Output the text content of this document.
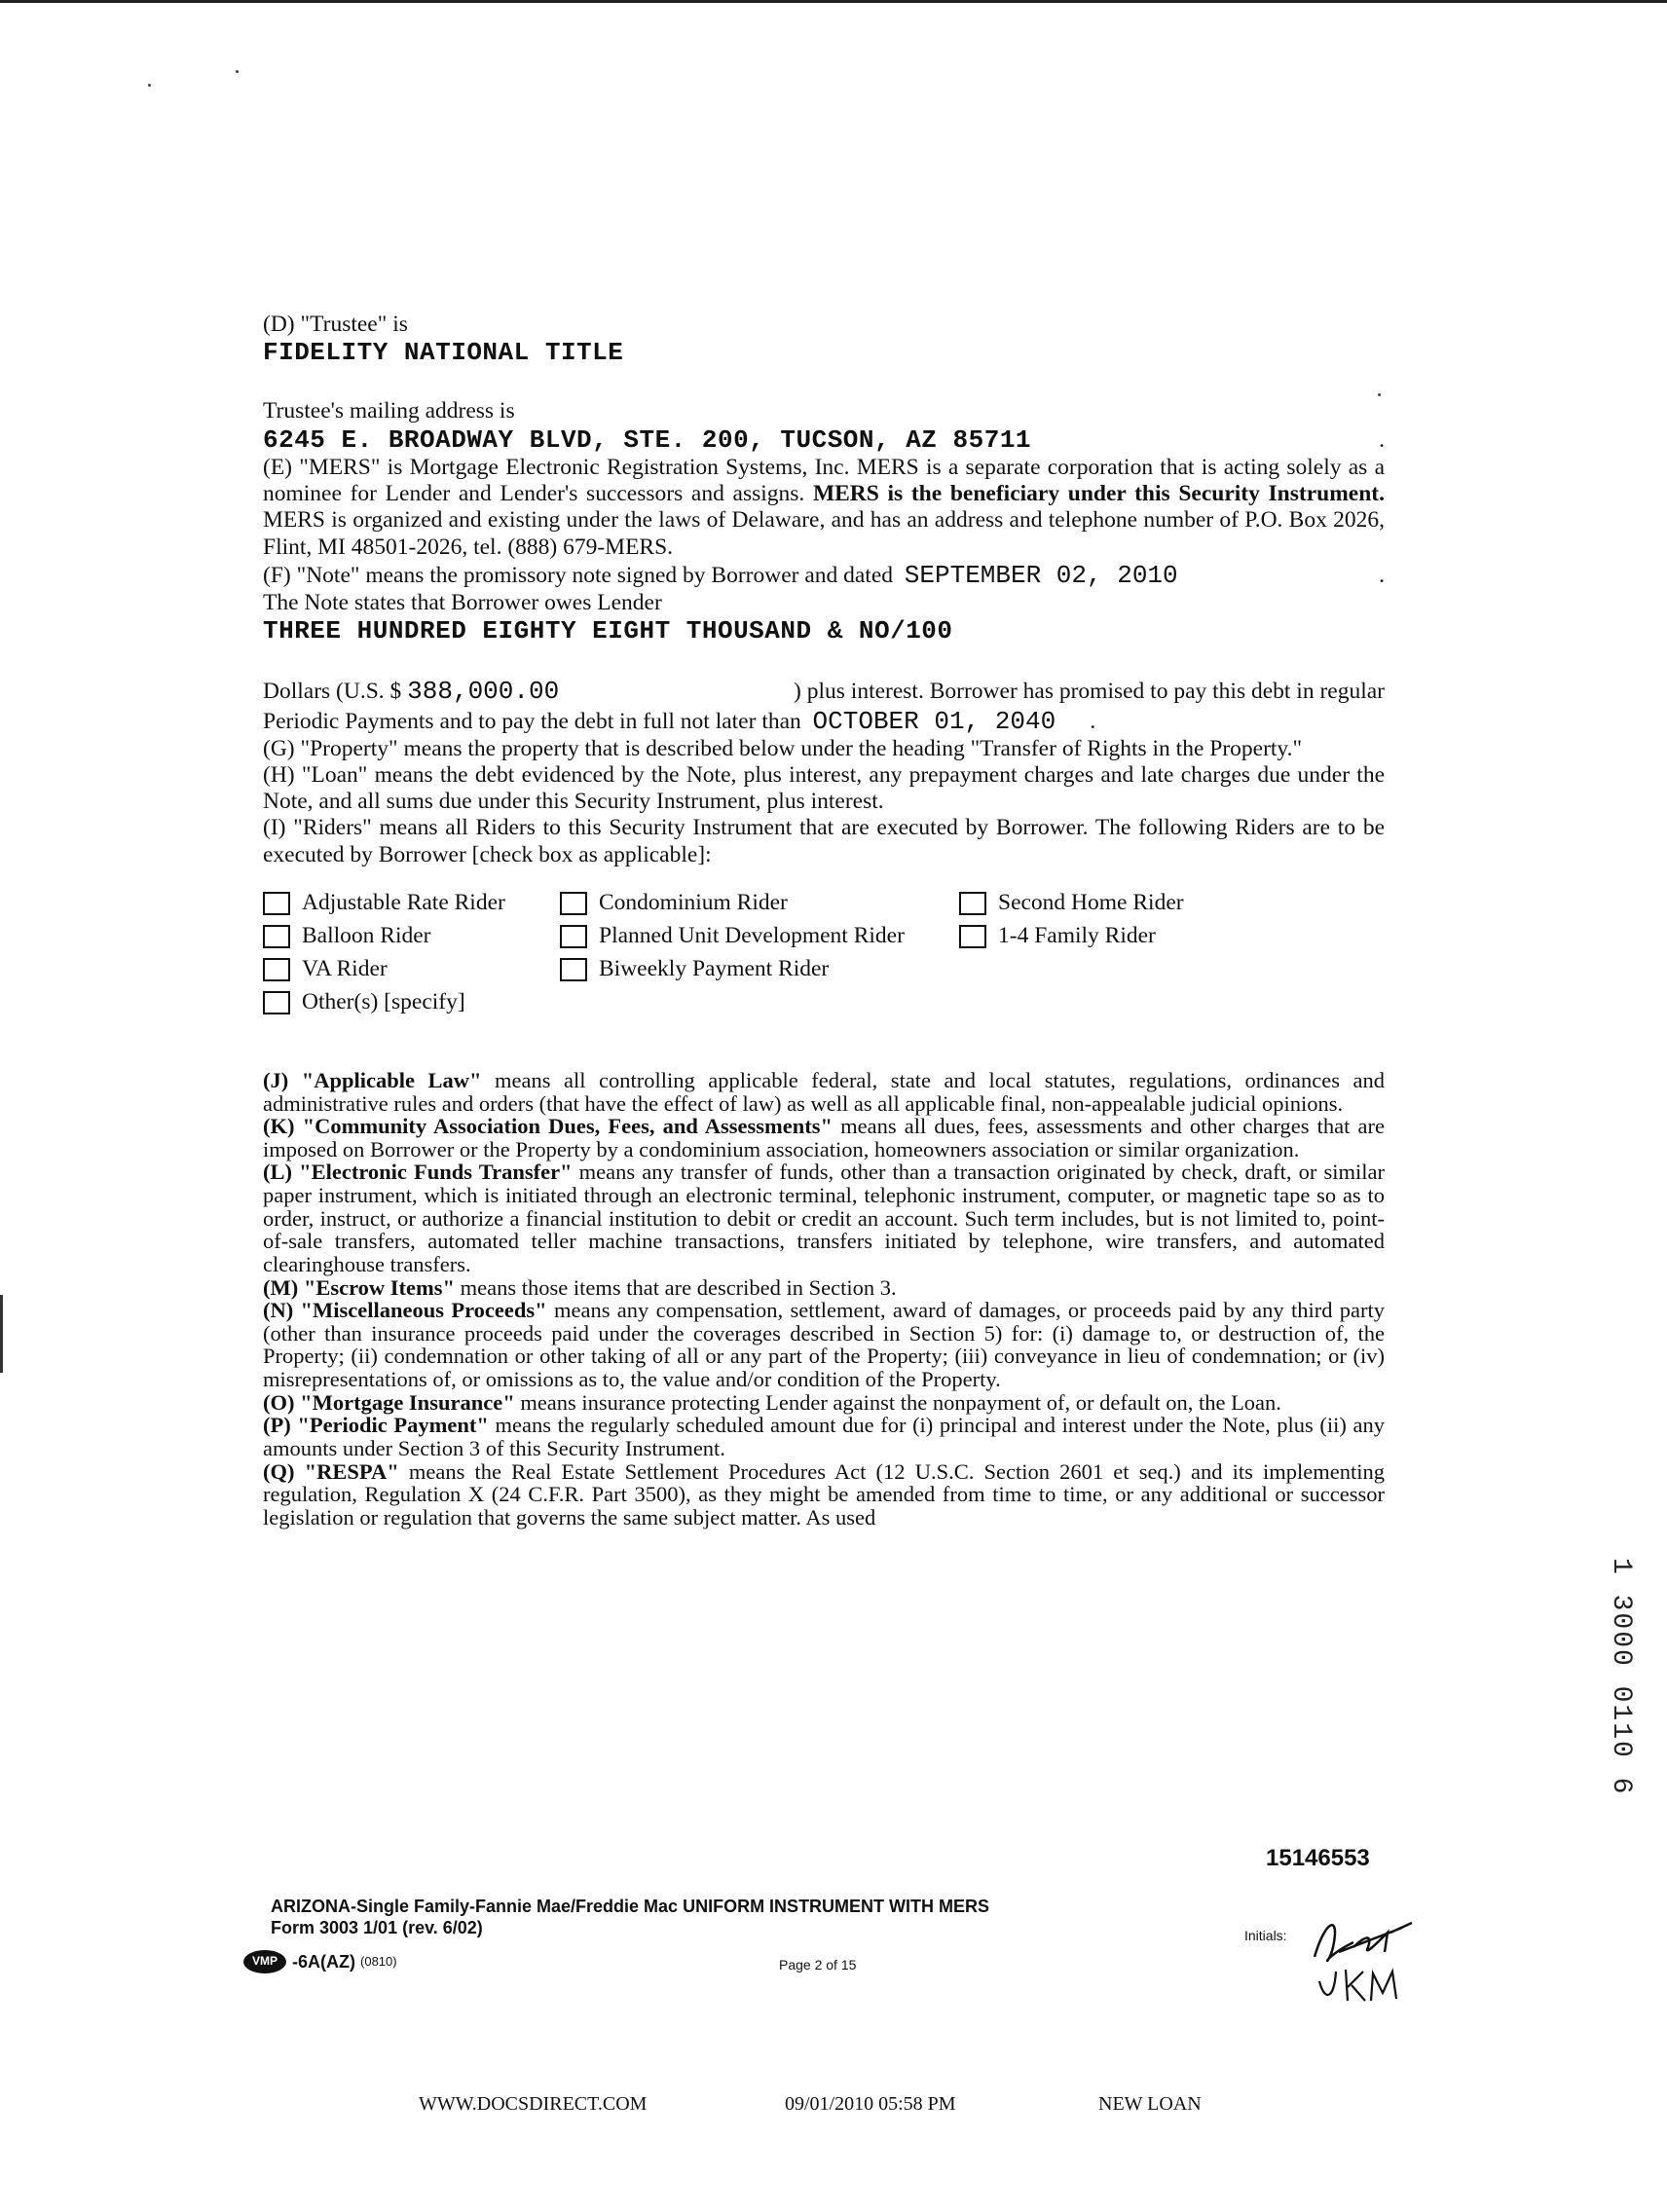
(D) "Trustee" is

FIDELITY NATIONAL TITLE

Trustee's mailing address is

6245 E. BROADWAY BLVD, STE. 200, TUCSON, AZ 85711	.

(E) "MERS" is Mortgage Electronic Registration Systems, Inc. MERS is a separate corporation that is acting solely as a nominee for Lender and Lender's successors and assigns. MERS is the beneficiary under this Security Instrument. MERS is organized and existing under the laws of Delaware, and has an address and telephone number of P.O. Box 2026, Flint, MI 48501-2026, tel. (888) 679-MERS.

(F) "Note" means the promissory note signed by Borrower and dated SEPTEMBER 02, 2010	.

The Note states that Borrower owes Lender

THREE HUNDRED EIGHTY EIGHT THOUSAND & NO/100
Dollars (U.S. $ 388,000.00	) plus interest. Borrower has promised to pay this debt in regular
Periodic Payments and to pay the debt in full not later than OCTOBER 01, 2040 .

(G) "Property" means the property that is described below under the heading "Transfer of Rights in the Property."

(H) "Loan" means the debt evidenced by the Note, plus interest, any prepayment charges and late charges due under the Note, and all sums due under this Security Instrument, plus interest.

(I) "Riders" means all Riders to this Security Instrument that are executed by Borrower. The following Riders are to be executed by Borrower [check box as applicable]:

Adjustable Rate Rider	Condominium Rider	Second Home Rider
Balloon Rider	Planned Unit Development Rider	1-4 Family Rider
VA Rider	Biweekly Payment Rider
Other(s) [specify]

(J) "Applicable Law" means all controlling applicable federal, state and local statutes, regulations, ordinances and administrative rules and orders (that have the effect of law) as well as all applicable final, non-appealable judicial opinions.

(K) "Community Association Dues, Fees, and Assessments" means all dues, fees, assessments and other charges that are imposed on Borrower or the Property by a condominium association, homeowners association or similar organization.

(L) "Electronic Funds Transfer" means any transfer of funds, other than a transaction originated by check, draft, or similar paper instrument, which is initiated through an electronic terminal, telephonic instrument, computer, or magnetic tape so as to order, instruct, or authorize a financial institution to debit or credit an account. Such term includes, but is not limited to, point-of-sale transfers, automated teller machine transactions, transfers initiated by telephone, wire transfers, and automated clearinghouse transfers.

(M) "Escrow Items" means those items that are described in Section 3.

(N) "Miscellaneous Proceeds" means any compensation, settlement, award of damages, or proceeds paid by any third party (other than insurance proceeds paid under the coverages described in Section 5) for: (i) damage to, or destruction of, the Property; (ii) condemnation or other taking of all or any part of the Property; (iii) conveyance in lieu of condemnation; or (iv) misrepresentations of, or omissions as to, the value and/or condition of the Property.

(O) "Mortgage Insurance" means insurance protecting Lender against the nonpayment of, or default on, the Loan.

(P) "Periodic Payment" means the regularly scheduled amount due for (i) principal and interest under the Note, plus (ii) any amounts under Section 3 of this Security Instrument.

(Q) "RESPA" means the Real Estate Settlement Procedures Act (12 U.S.C. Section 2601 et seq.) and its implementing regulation, Regulation X (24 C.F.R. Part 3500), as they might be amended from time to time, or any additional or successor legislation or regulation that governs the same subject matter. As used

15146553
ARIZONA-Single Family-Fannie Mae/Freddie Mac UNIFORM INSTRUMENT WITH MERS
Form 3003 1/01 (rev. 6/02)
VMP -6A(AZ)
(0810)	Page 2 of 15
Initials:
WWW.DOCSDIRECT.COM	09/01/2010 05:58 PM	NEW LOAN
1 3000 0110 6
